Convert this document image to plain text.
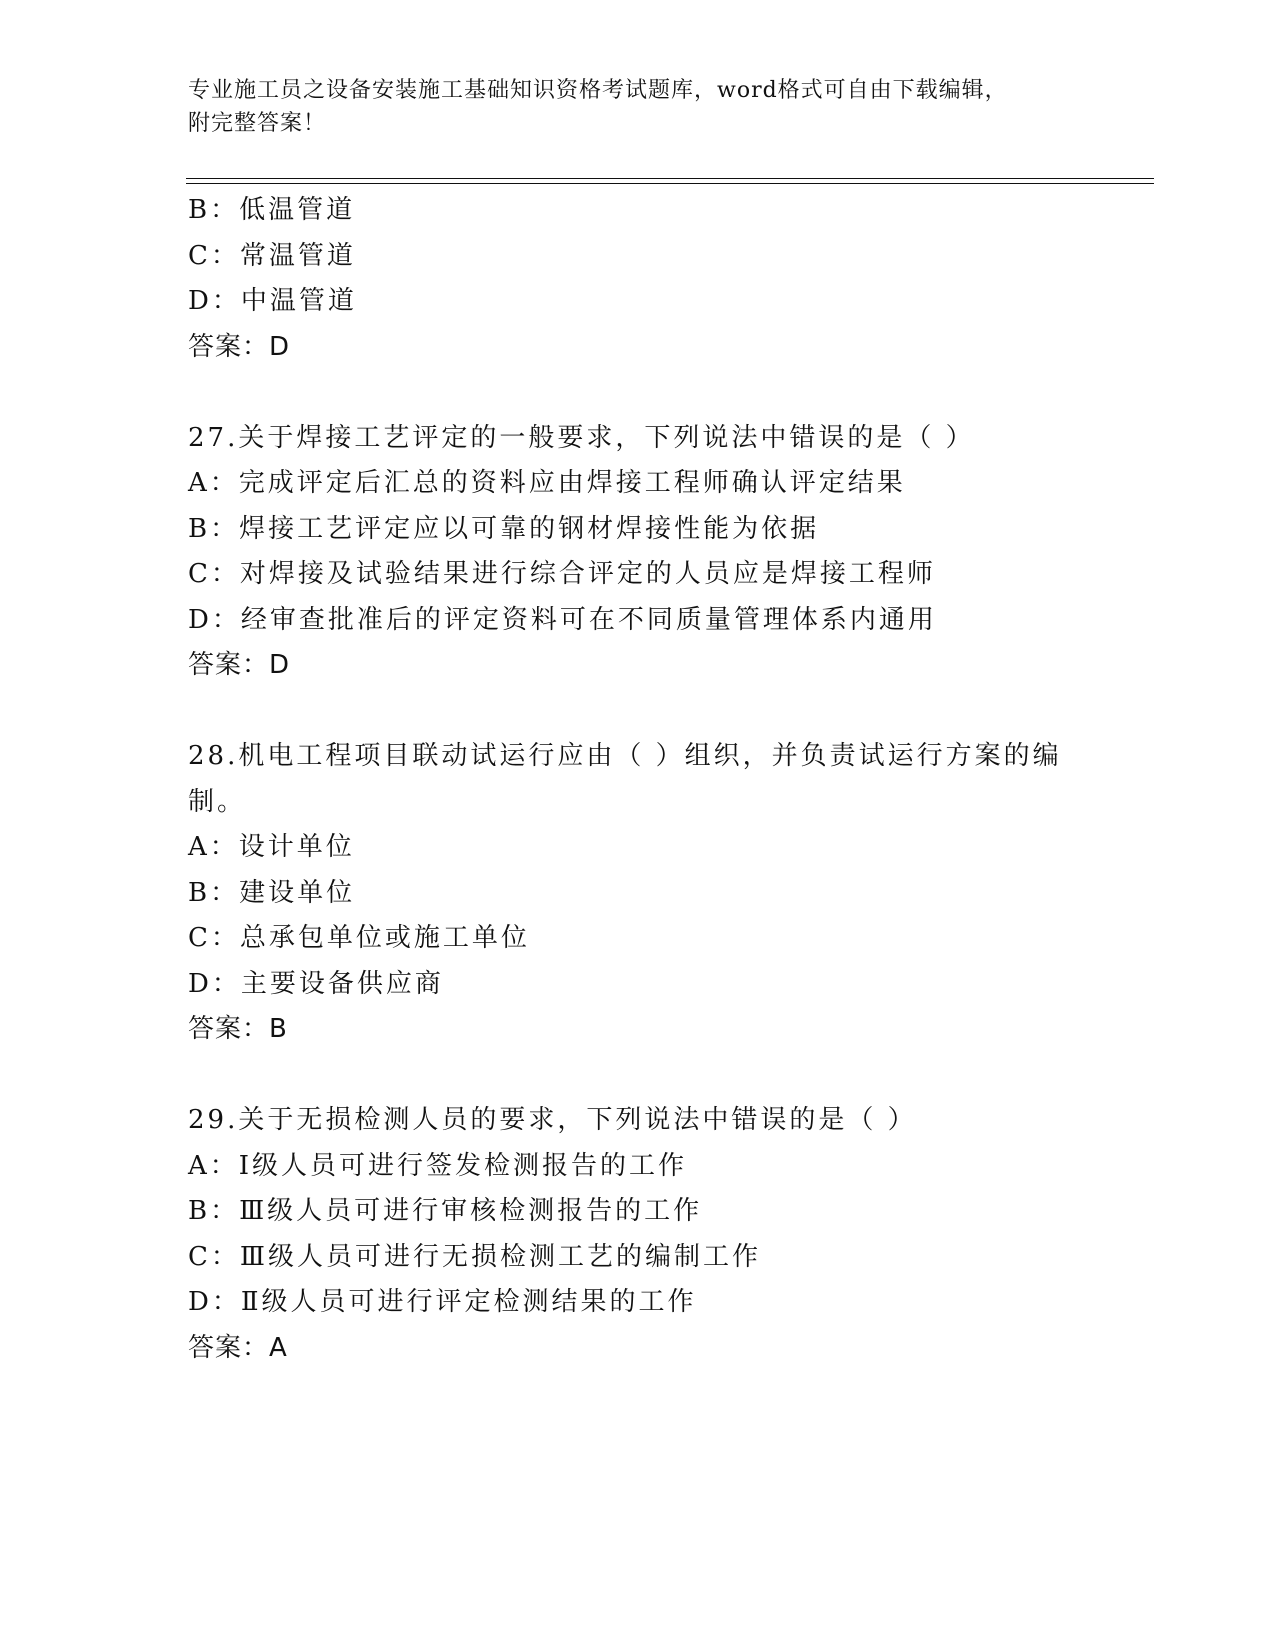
专业施工员之设备安装施工基础知识资格考试题库，word格式可自由下载编辑，
附完整答案！
B：低温管道
C：常温管道
D：中温管道
答案：D
27.关于焊接工艺评定的一般要求，下列说法中错误的是（ ）
A：完成评定后汇总的资料应由焊接工程师确认评定结果
B：焊接工艺评定应以可靠的钢材焊接性能为依据
C：对焊接及试验结果进行综合评定的人员应是焊接工程师
D：经审查批准后的评定资料可在不同质量管理体系内通用
答案：D
28.机电工程项目联动试运行应由（ ）组织，并负责试运行方案的编
制。
A：设计单位
B：建设单位
C：总承包单位或施工单位
D：主要设备供应商
答案：B
29.关于无损检测人员的要求，下列说法中错误的是（ ）
A：Ⅰ级人员可进行签发检测报告的工作
B：Ⅲ级人员可进行审核检测报告的工作
C：Ⅲ级人员可进行无损检测工艺的编制工作
D：Ⅱ级人员可进行评定检测结果的工作
答案：A
